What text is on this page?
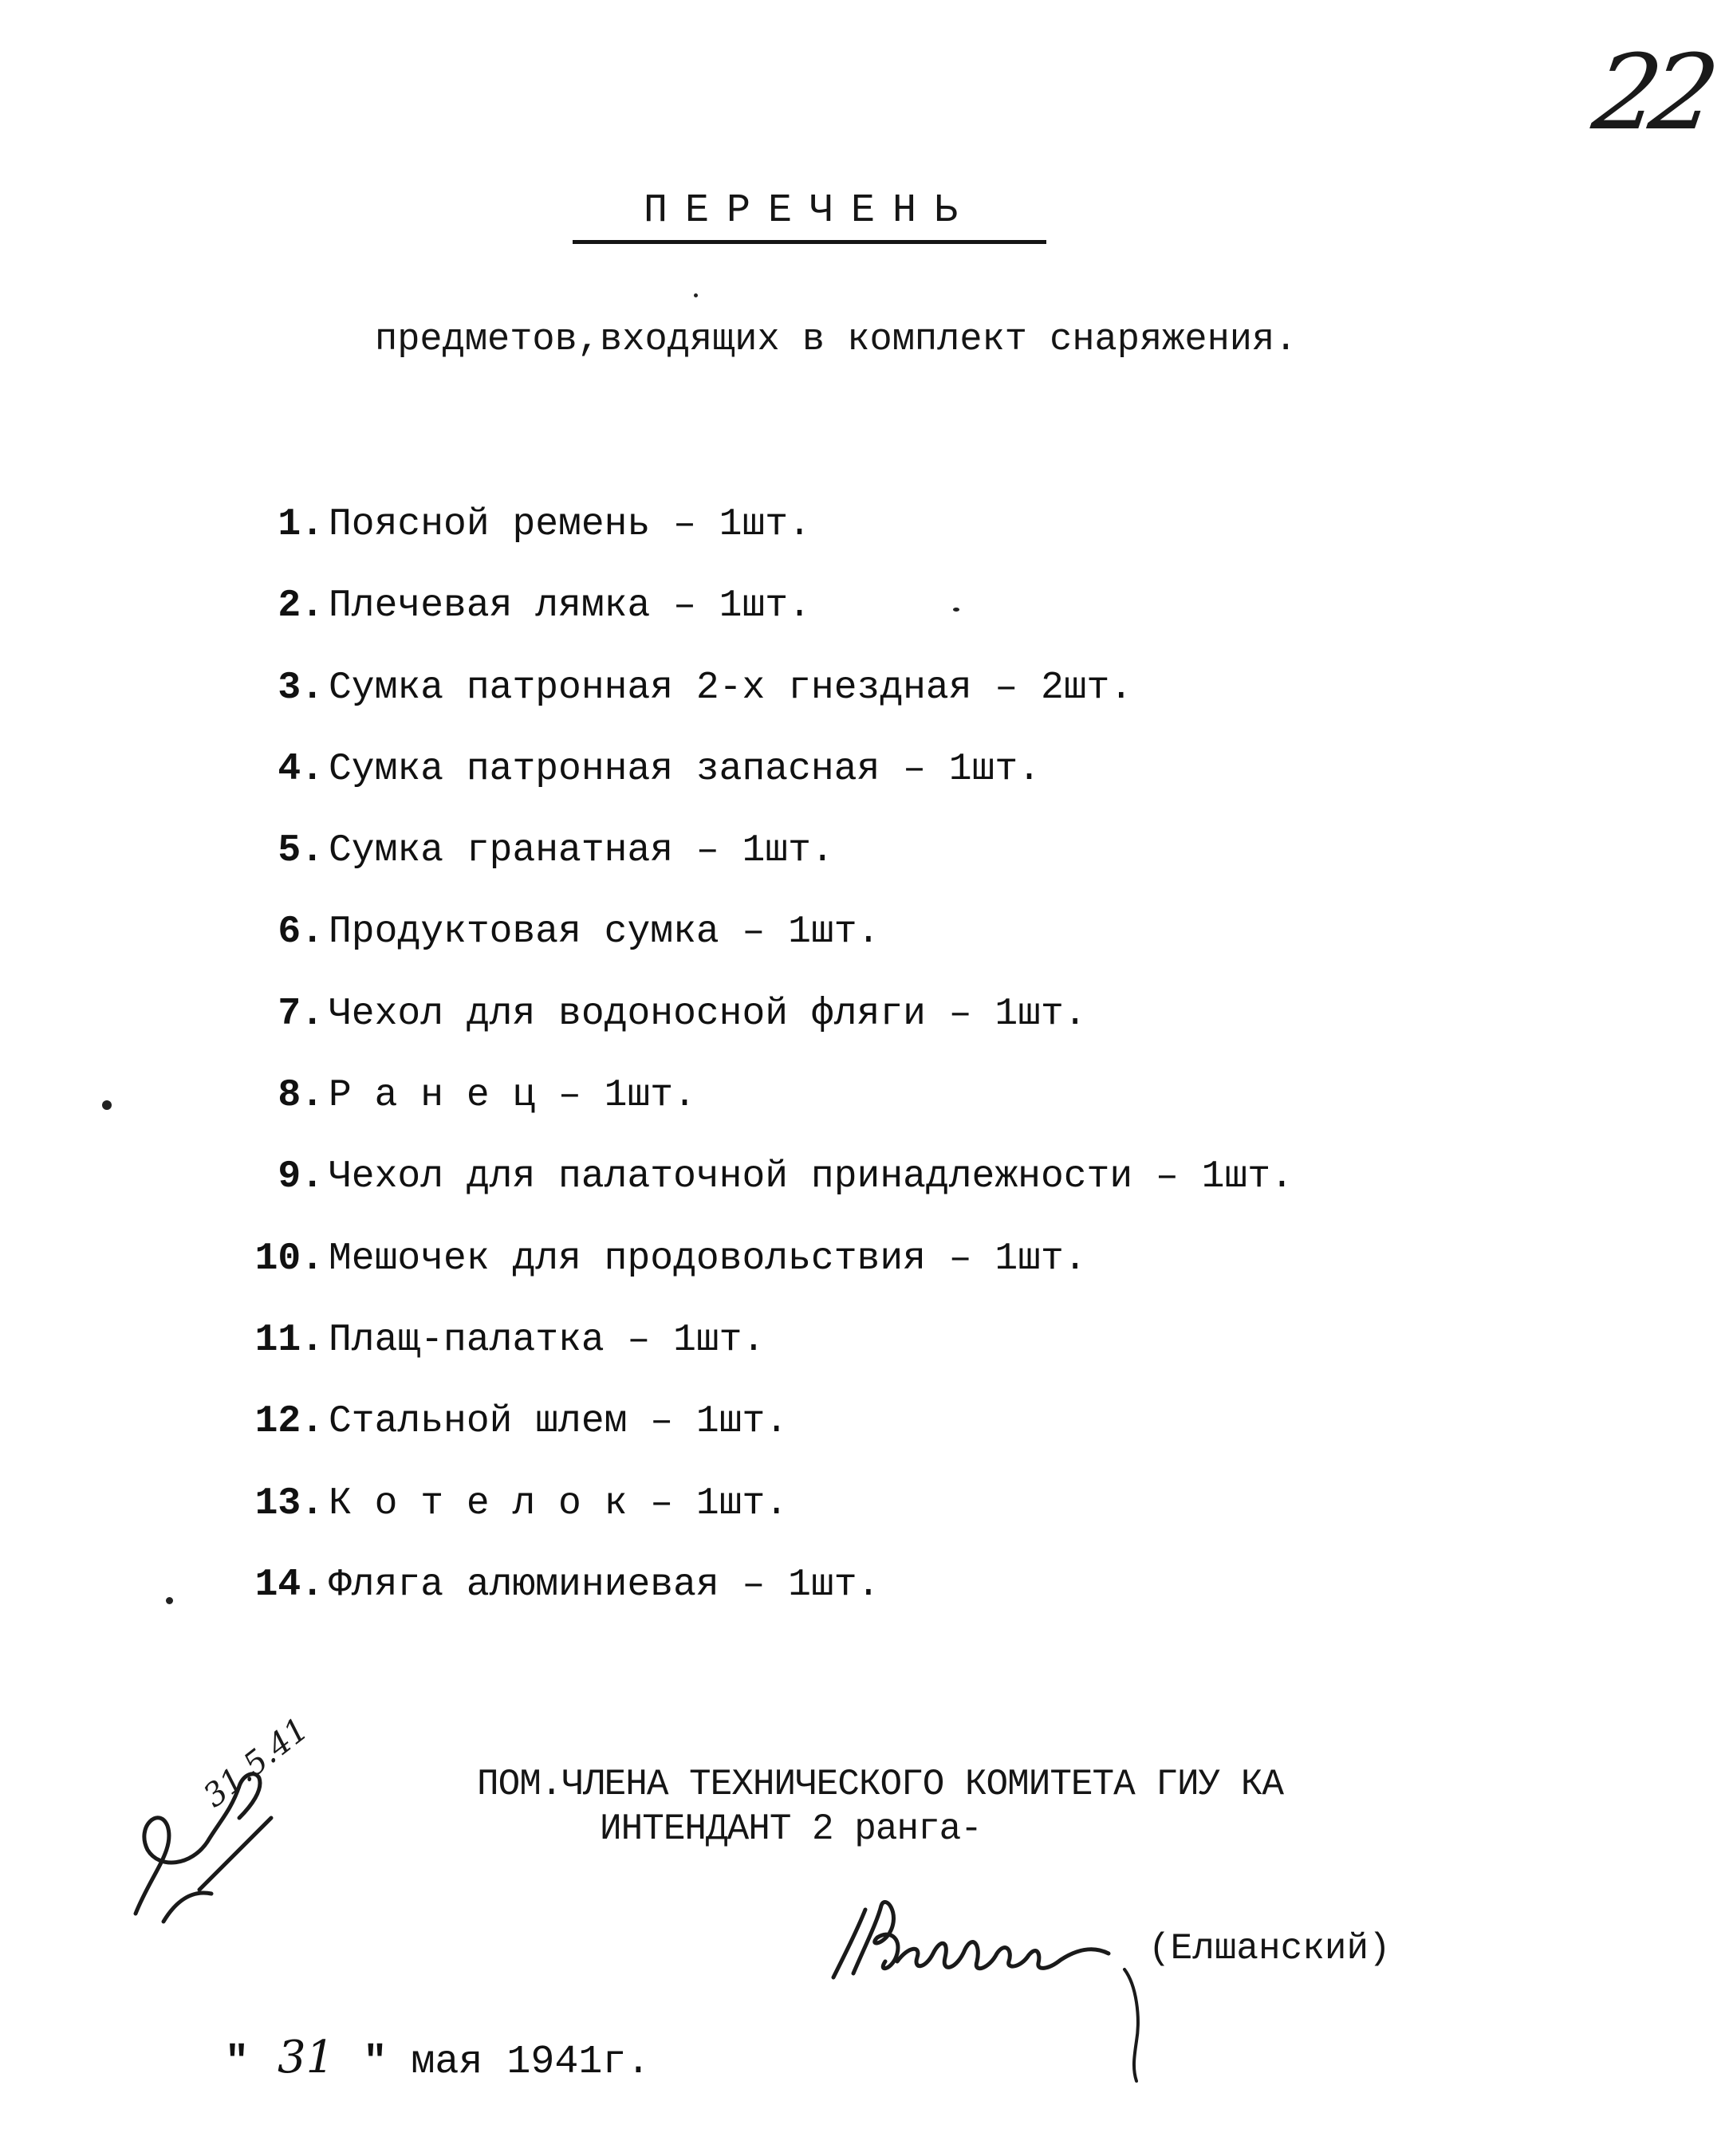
22
ПЕРЕЧЕНЬ
предметов,входящих в комплект снаряжения.
1. Поясной ремень – 1шт.
2. Плечевая лямка – 1шт.
3. Сумка патронная 2-х гнездная – 2шт.
4. Сумка патронная запасная – 1шт.
5. Сумка гранатная – 1шт.
6. Продуктовая сумка – 1шт.
7. Чехол для водоносной фляги – 1шт.
8. Р а н е ц – 1шт.
9. Чехол для палаточной принадлежности – 1шт.
10. Мешочек для продовольствия – 1шт.
11. Плащ-палатка – 1шт.
12. Стальной шлем – 1шт.
13. К о т е л о к – 1шт.
14. Фляга алюминиевая – 1шт.
31.5.41	ПОМ.ЧЛЕНА ТЕХНИЧЕСКОГО КОМИТЕТА ГИУ КА
ИНТЕНДАНТ 2 ранга-
(Елшанский)
" 31 " мая 1941г.
